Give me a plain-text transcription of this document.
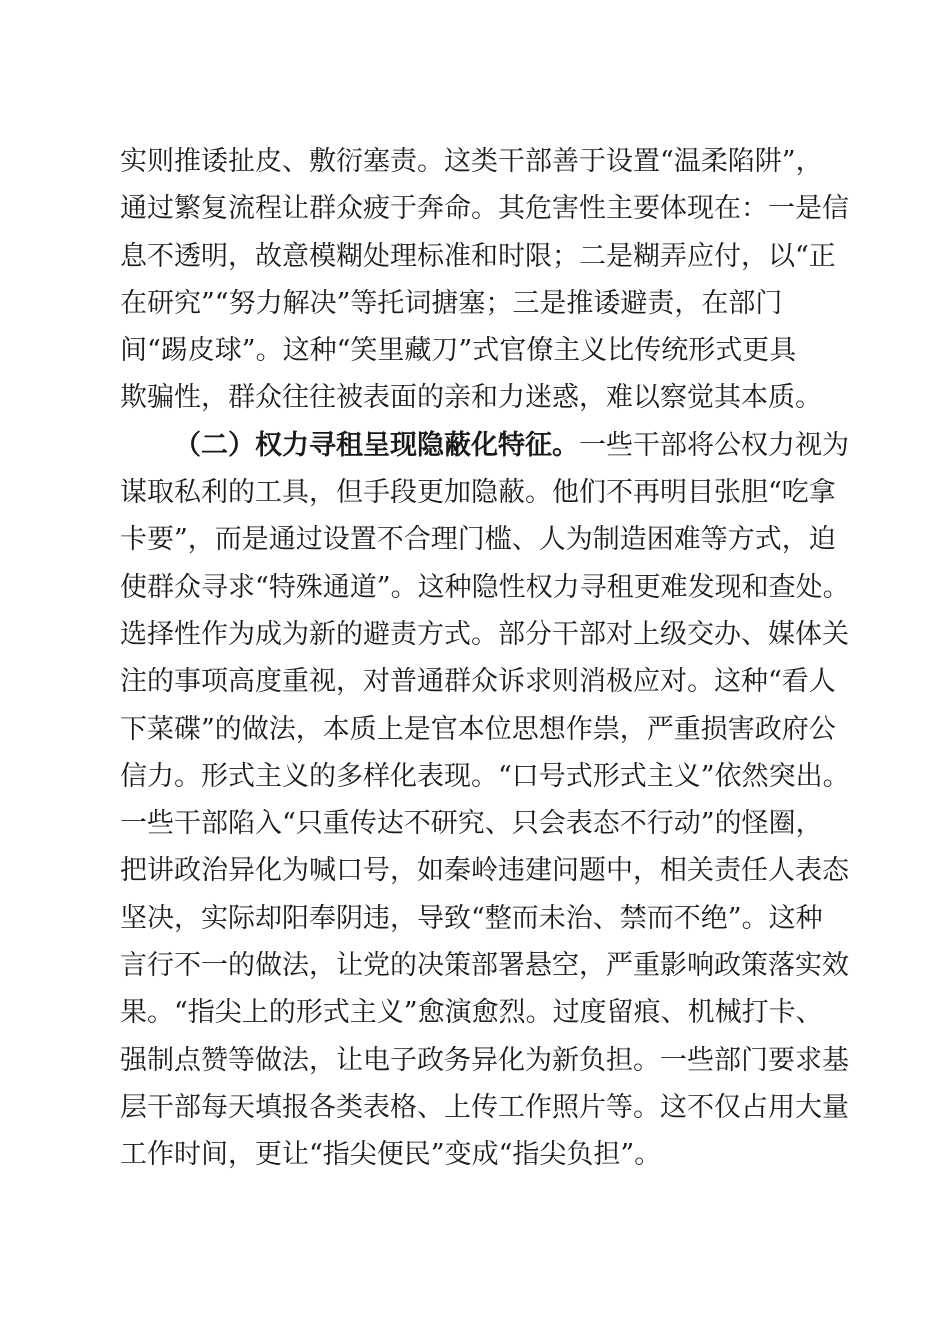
实则推诿扯皮、敷衍塞责。这类干部善于设置“温柔陷阱”，
通过繁复流程让群众疲于奔命。其危害性主要体现在：一是信
息不透明，故意模糊处理标准和时限；二是糊弄应付，以“正
在研究”“努力解决”等托词搪塞；三是推诿避责，在部门
间“踢皮球”。这种“笑里藏刀”式官僚主义比传统形式更具
欺骗性，群众往往被表面的亲和力迷惑，难以察觉其本质。
（二）权力寻租呈现隐蔽化特征。一些干部将公权力视为
谋取私利的工具，但手段更加隐蔽。他们不再明目张胆“吃拿
卡要”，而是通过设置不合理门槛、人为制造困难等方式，迫
使群众寻求“特殊通道”。这种隐性权力寻租更难发现和查处。
选择性作为成为新的避责方式。部分干部对上级交办、媒体关
注的事项高度重视，对普通群众诉求则消极应对。这种“看人
下菜碟”的做法，本质上是官本位思想作祟，严重损害政府公
信力。形式主义的多样化表现。“口号式形式主义”依然突出。
一些干部陷入“只重传达不研究、只会表态不行动”的怪圈，
把讲政治异化为喊口号，如秦岭违建问题中，相关责任人表态
坚决，实际却阳奉阴违，导致“整而未治、禁而不绝”。这种
言行不一的做法，让党的决策部署悬空，严重影响政策落实效
果。“指尖上的形式主义”愈演愈烈。过度留痕、机械打卡、
强制点赞等做法，让电子政务异化为新负担。一些部门要求基
层干部每天填报各类表格、上传工作照片等。这不仅占用大量
工作时间，更让“指尖便民”变成“指尖负担”。
